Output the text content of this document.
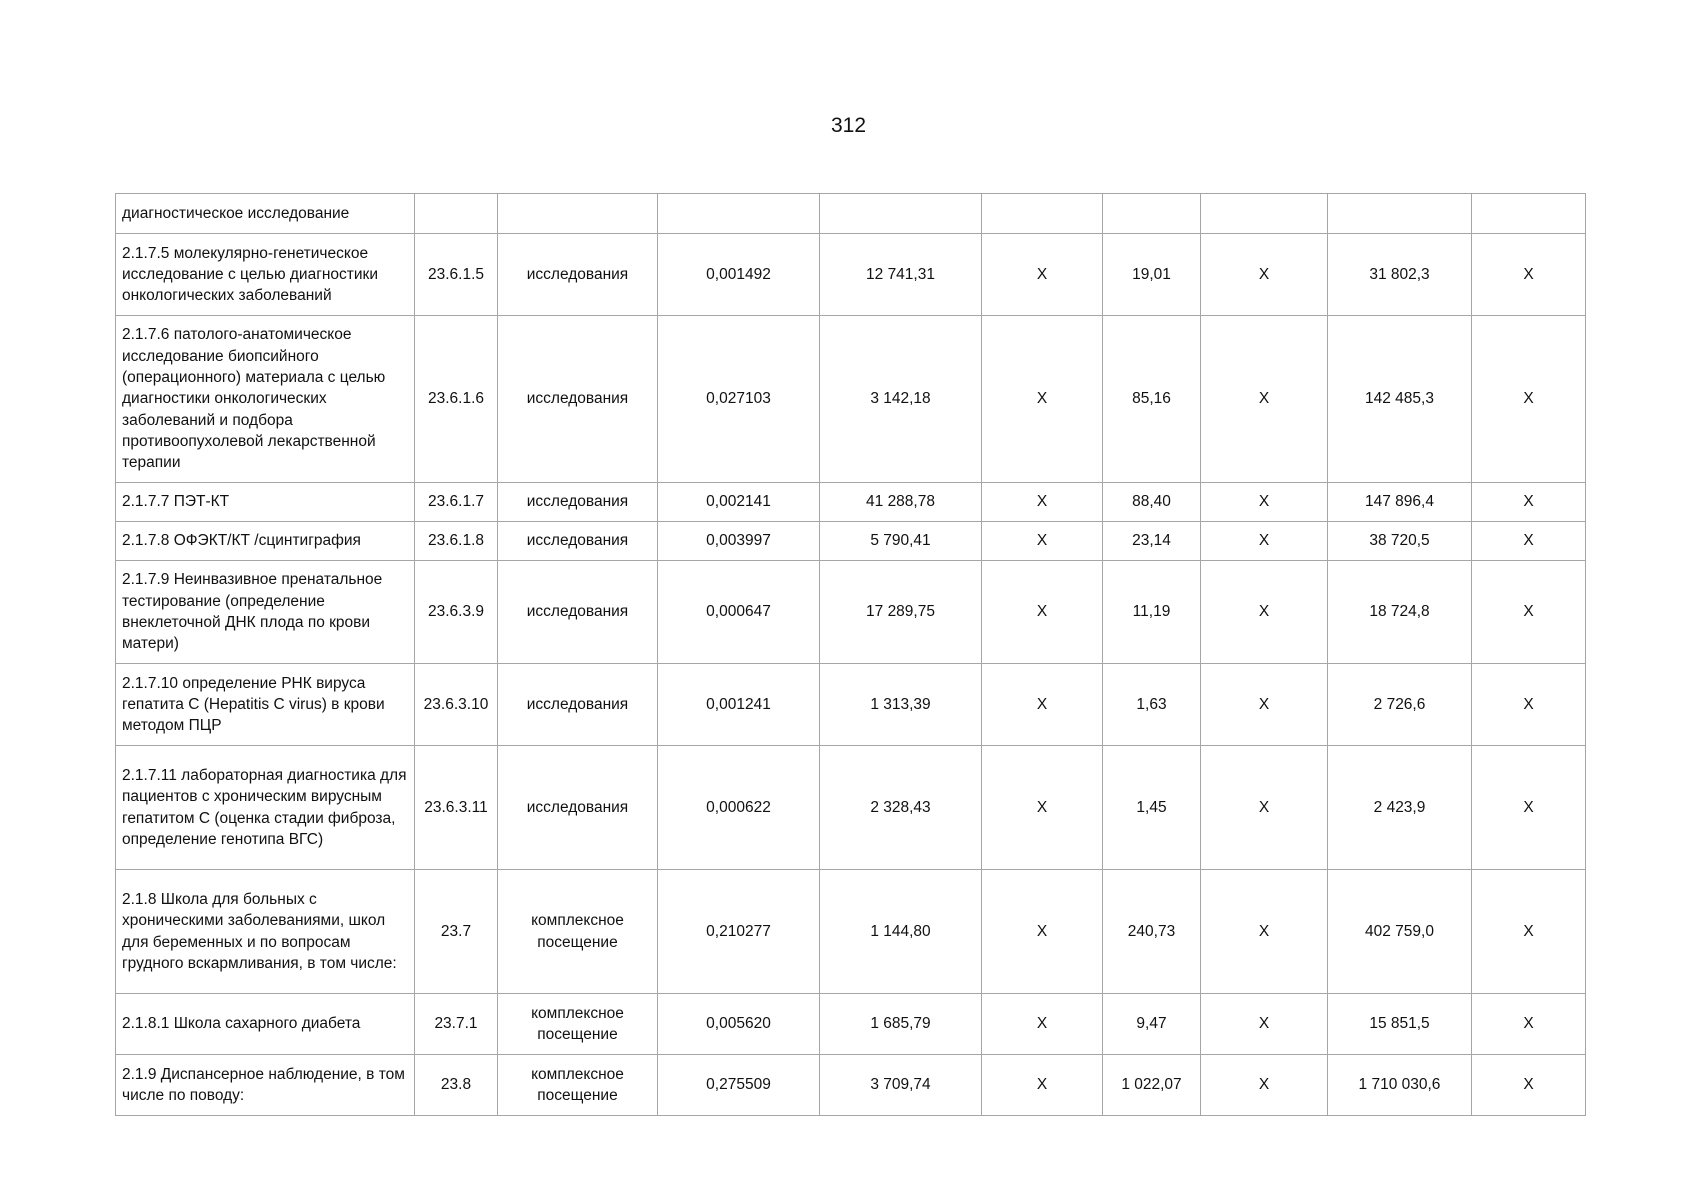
312
диагностическое исследование									
2.1.7.5 молекулярно-генетическое исследование с целью диагностики онкологических заболеваний	23.6.1.5	исследования	0,001492	12 741,31	X	19,01	X	31 802,3	X
2.1.7.6 патолого-анатомическое исследование биопсийного (операционного) материала с целью диагностики онкологических заболеваний и подбора противоопухолевой лекарственной терапии	23.6.1.6	исследования	0,027103	3 142,18	X	85,16	X	142 485,3	X
2.1.7.7 ПЭТ-КТ	23.6.1.7	исследования	0,002141	41 288,78	X	88,40	X	147 896,4	X
2.1.7.8 ОФЭКТ/КТ /сцинтиграфия	23.6.1.8	исследования	0,003997	5 790,41	X	23,14	X	38 720,5	X
2.1.7.9 Неинвазивное пренатальное тестирование (определение внеклеточной ДНК плода по крови матери)	23.6.3.9	исследования	0,000647	17 289,75	X	11,19	X	18 724,8	X
2.1.7.10 определение РНК вируса гепатита С (Hepatitis C virus) в крови методом ПЦР	23.6.3.10	исследования	0,001241	1 313,39	X	1,63	X	2 726,6	X
2.1.7.11 лабораторная диагностика для пациентов с хроническим вирусным гепатитом С (оценка стадии фиброза, определение генотипа ВГС)	23.6.3.11	исследования	0,000622	2 328,43	X	1,45	X	2 423,9	X
2.1.8 Школа для больных с хроническими заболеваниями, школ для беременных и по вопросам грудного вскармливания, в том числе:	23.7	комплексное посещение	0,210277	1 144,80	X	240,73	X	402 759,0	X
2.1.8.1 Школа сахарного диабета	23.7.1	комплексное посещение	0,005620	1 685,79	X	9,47	X	15 851,5	X
2.1.9 Диспансерное наблюдение, в том числе по поводу:	23.8	комплексное посещение	0,275509	3 709,74	X	1 022,07	X	1 710 030,6	X
